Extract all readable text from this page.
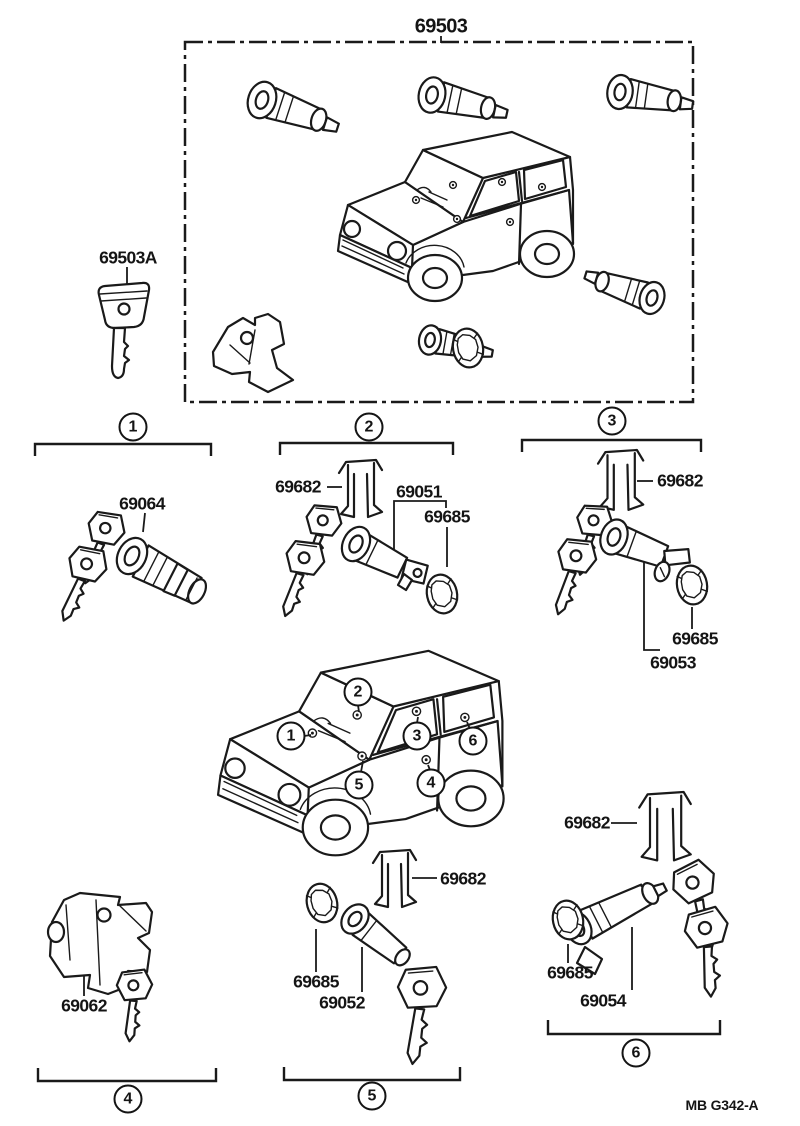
69503
69503A
69064
69682	69051
69685
69682
69685
69053
69062
69682
69685
69052
69682
69685
69054
1	2	3
4	5
6
1
2
3
4
5
6
MB G342-A
